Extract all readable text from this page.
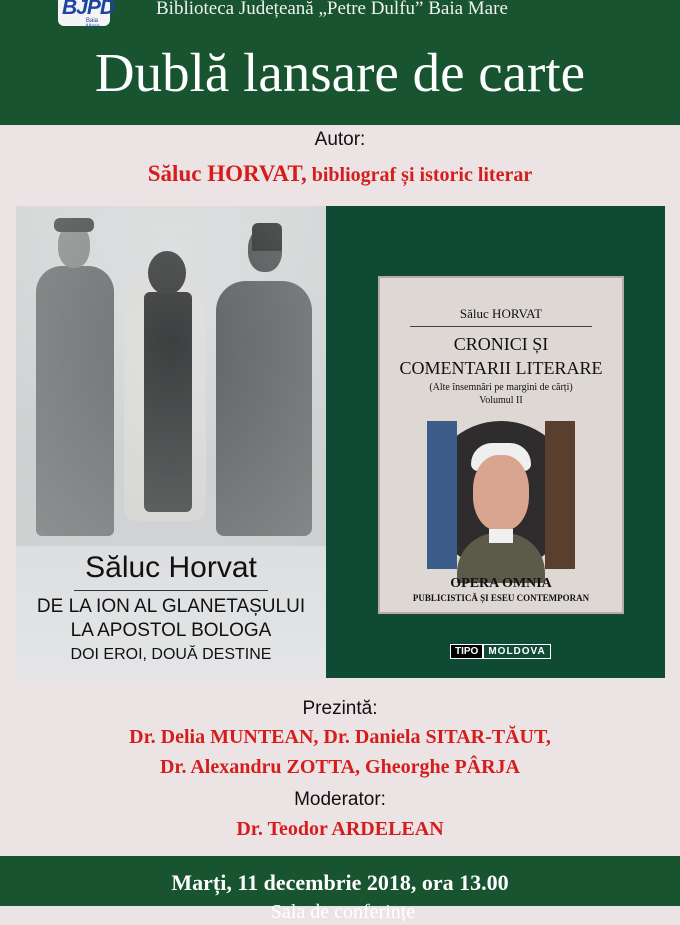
BJPD
Baia Mare
Biblioteca Județeană „Petre Dulfu” Baia Mare
Dublă lansare de carte
Autor:
Săluc HORVAT, bibliograf și istoric literar
Săluc Horvat
DE LA ION AL GLANETAȘULUI
LA APOSTOL BOLOGA
DOI EROI, DOUĂ DESTINE
Săluc HORVAT
CRONICI ȘI
COMENTARII LITERARE
(Alte însemnări pe margini de cărți)
Volumul II
OPERA OMNIA
PUBLICISTICĂ ȘI ESEU CONTEMPORAN
TIPO	MOLDOVA
Prezintă:
Dr. Delia MUNTEAN, Dr. Daniela SITAR-TĂUT,
Dr. Alexandru ZOTTA, Gheorghe PÂRJA
Moderator:
Dr. Teodor ARDELEAN
Marți, 11 decembrie 2018, ora 13.00
Sala de conferințe
